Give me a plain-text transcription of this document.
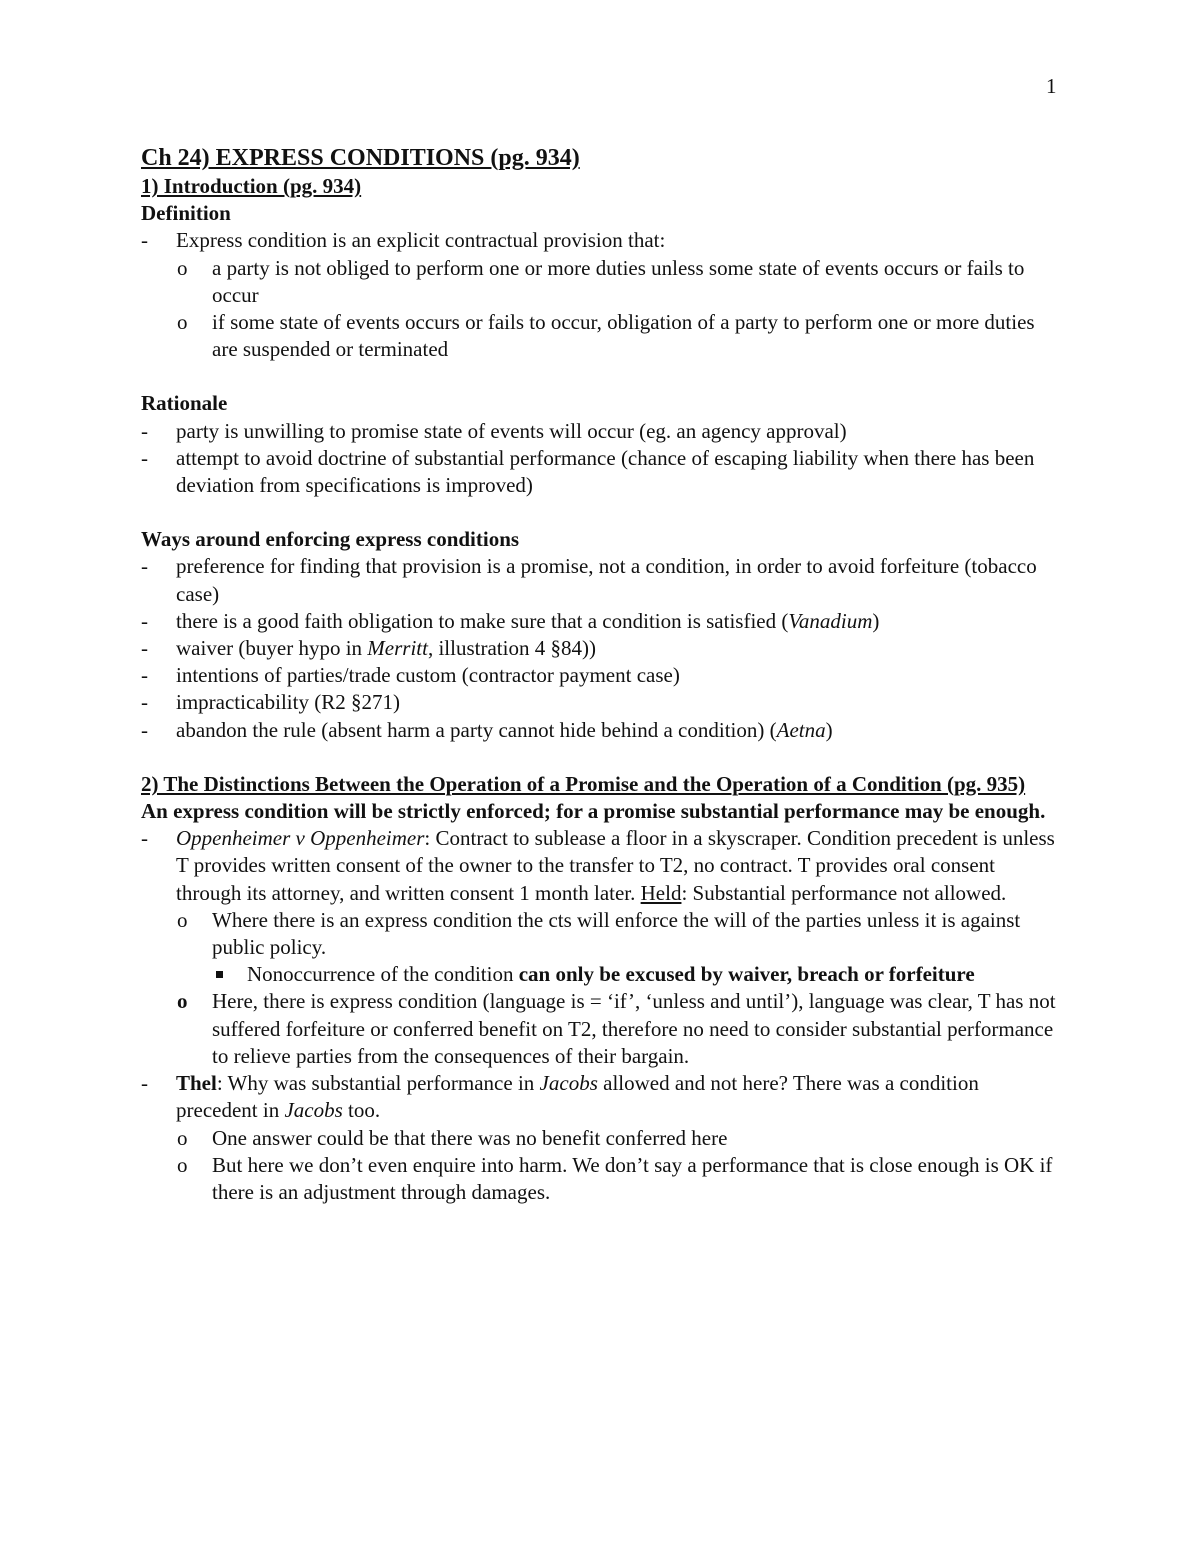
1
Ch 24) EXPRESS CONDITIONS (pg. 934)
1) Introduction (pg. 934)
Definition
- Express condition is an explicit contractual provision that:
o a party is not obliged to perform one or more duties unless some state of events occurs or fails to occur
o if some state of events occurs or fails to occur, obligation of a party to perform one or more duties are suspended or terminated
Rationale
- party is unwilling to promise state of events will occur (eg. an agency approval)
- attempt to avoid doctrine of substantial performance (chance of escaping liability when there has been deviation from specifications is improved)
Ways around enforcing express conditions
- preference for finding that provision is a promise, not a condition, in order to avoid forfeiture (tobacco case)
- there is a good faith obligation to make sure that a condition is satisfied (Vanadium)
- waiver (buyer hypo in Merritt, illustration 4 §84))
- intentions of parties/trade custom (contractor payment case)
- impracticability (R2 §271)
- abandon the rule (absent harm a party cannot hide behind a condition) (Aetna)
2) The Distinctions Between the Operation of a Promise and the Operation of a Condition (pg. 935)
An express condition will be strictly enforced; for a promise substantial performance may be enough.
- Oppenheimer v Oppenheimer: Contract to sublease a floor in a skyscraper. Condition precedent is unless T provides written consent of the owner to the transfer to T2, no contract. T provides oral consent through its attorney, and written consent 1 month later. Held: Substantial performance not allowed.
o Where there is an express condition the cts will enforce the will of the parties unless it is against public policy.
Nonoccurrence of the condition can only be excused by waiver, breach or forfeiture
o Here, there is express condition (language is = ‘if’, ‘unless and until’), language was clear, T has not suffered forfeiture or conferred benefit on T2, therefore no need to consider substantial performance to relieve parties from the consequences of their bargain.
- Thel: Why was substantial performance in Jacobs allowed and not here? There was a condition precedent in Jacobs too.
o One answer could be that there was no benefit conferred here
o But here we don’t even enquire into harm. We don’t say a performance that is close enough is OK if there is an adjustment through damages.
